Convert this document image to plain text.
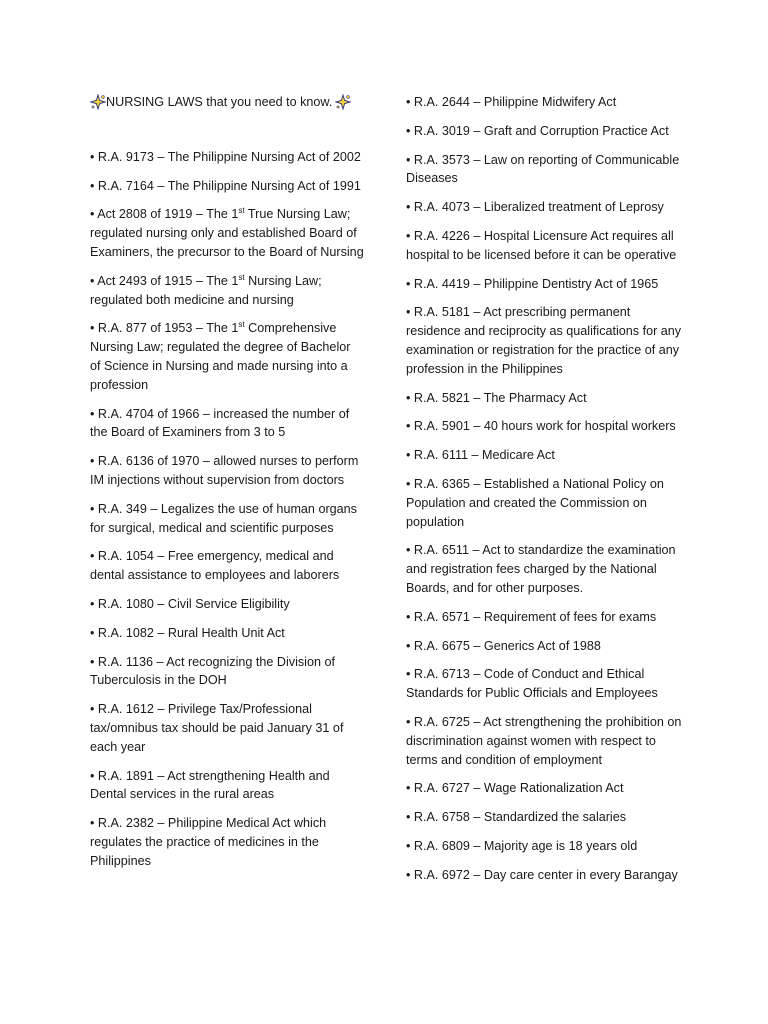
NURSING LAWS that you need to know.
• R.A. 9173 – The Philippine Nursing Act of 2002
• R.A. 7164 – The Philippine Nursing Act of 1991
• Act 2808 of 1919 – The 1st True Nursing Law; regulated nursing only and established Board of Examiners, the precursor to the Board of Nursing
• Act 2493 of 1915 – The 1st Nursing Law; regulated both medicine and nursing
• R.A. 877 of 1953 – The 1st Comprehensive Nursing Law; regulated the degree of Bachelor of Science in Nursing and made nursing into a profession
• R.A. 4704 of 1966 – increased the number of the Board of Examiners from 3 to 5
• R.A. 6136 of 1970 – allowed nurses to perform IM injections without supervision from doctors
• R.A. 349 – Legalizes the use of human organs for surgical, medical and scientific purposes
• R.A. 1054 – Free emergency, medical and dental assistance to employees and laborers
• R.A. 1080 – Civil Service Eligibility
• R.A. 1082 – Rural Health Unit Act
• R.A. 1136 – Act recognizing the Division of Tuberculosis in the DOH
• R.A. 1612 – Privilege Tax/Professional tax/omnibus tax should be paid January 31 of each year
• R.A. 1891 – Act strengthening Health and Dental services in the rural areas
• R.A. 2382 – Philippine Medical Act which regulates the practice of medicines in the Philippines
• R.A. 2644 – Philippine Midwifery Act
• R.A. 3019 – Graft and Corruption Practice Act
• R.A. 3573 – Law on reporting of Communicable Diseases
• R.A. 4073 – Liberalized treatment of Leprosy
• R.A. 4226 – Hospital Licensure Act requires all hospital to be licensed before it can be operative
• R.A. 4419 – Philippine Dentistry Act of 1965
• R.A. 5181 – Act prescribing permanent residence and reciprocity as qualifications for any examination or registration for the practice of any profession in the Philippines
• R.A. 5821 – The Pharmacy Act
• R.A. 5901 – 40 hours work for hospital workers
• R.A. 6111 – Medicare Act
• R.A. 6365 – Established a National Policy on Population and created the Commission on population
• R.A. 6511 – Act to standardize the examination and registration fees charged by the National Boards, and for other purposes.
• R.A. 6571 – Requirement of fees for exams
• R.A. 6675 – Generics Act of 1988
• R.A. 6713 – Code of Conduct and Ethical Standards for Public Officials and Employees
• R.A. 6725 – Act strengthening the prohibition on discrimination against women with respect to terms and condition of employment
• R.A. 6727 – Wage Rationalization Act
• R.A. 6758 – Standardized the salaries
• R.A. 6809 – Majority age is 18 years old
• R.A. 6972 – Day care center in every Barangay
